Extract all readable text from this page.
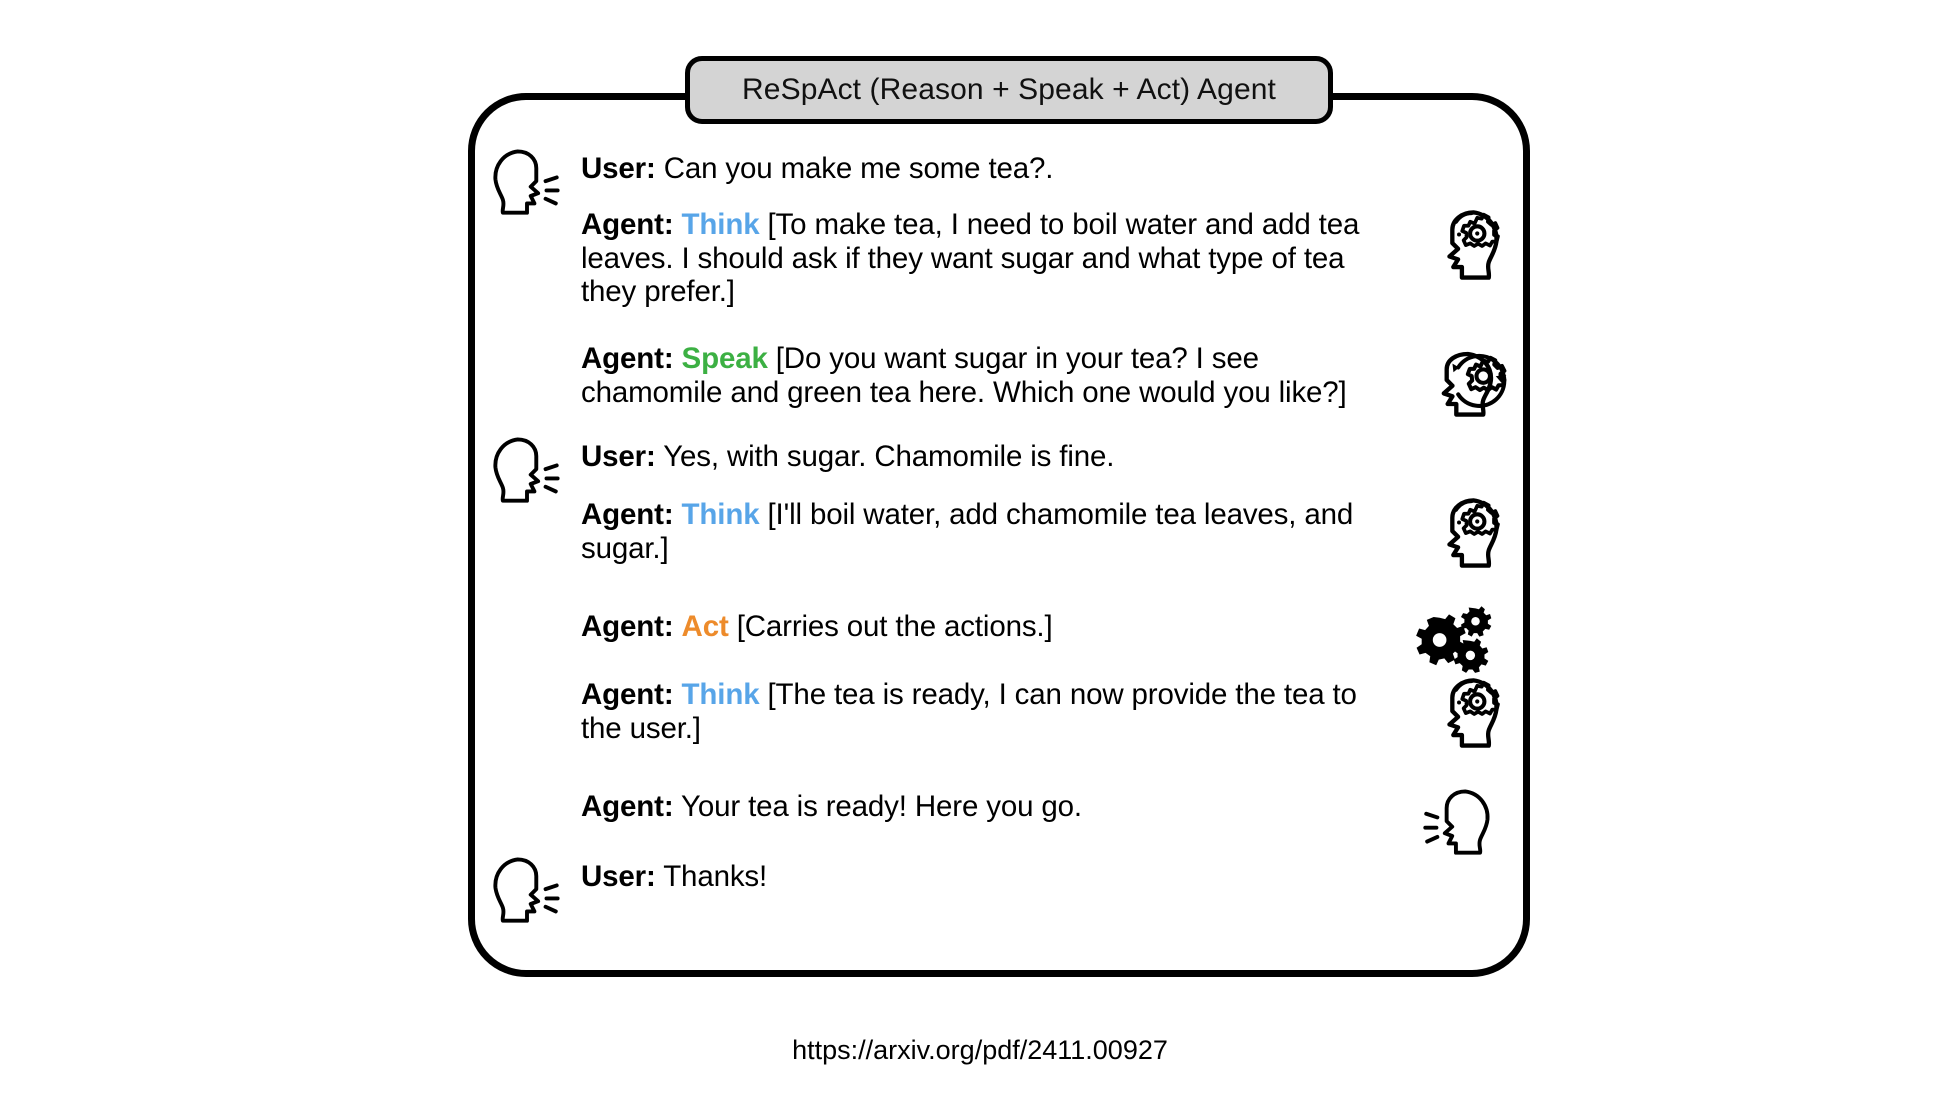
ReSpAct (Reason + Speak + Act) Agent
User: Can you make me some tea?.
Agent: Think [To make tea, I need to boil water and add tea leaves. I should ask if they want sugar and what type of tea they prefer.]
Agent: Speak [Do you want sugar in your tea? I see chamomile and green tea here. Which one would you like?]
User: Yes, with sugar. Chamomile is fine.
Agent: Think [I'll boil water, add chamomile tea leaves, and sugar.]
Agent: Act [Carries out the actions.]
Agent: Think [The tea is ready, I can now provide the tea to the user.]
Agent: Your tea is ready! Here you go.
User: Thanks!
https://arxiv.org/pdf/2411.00927
